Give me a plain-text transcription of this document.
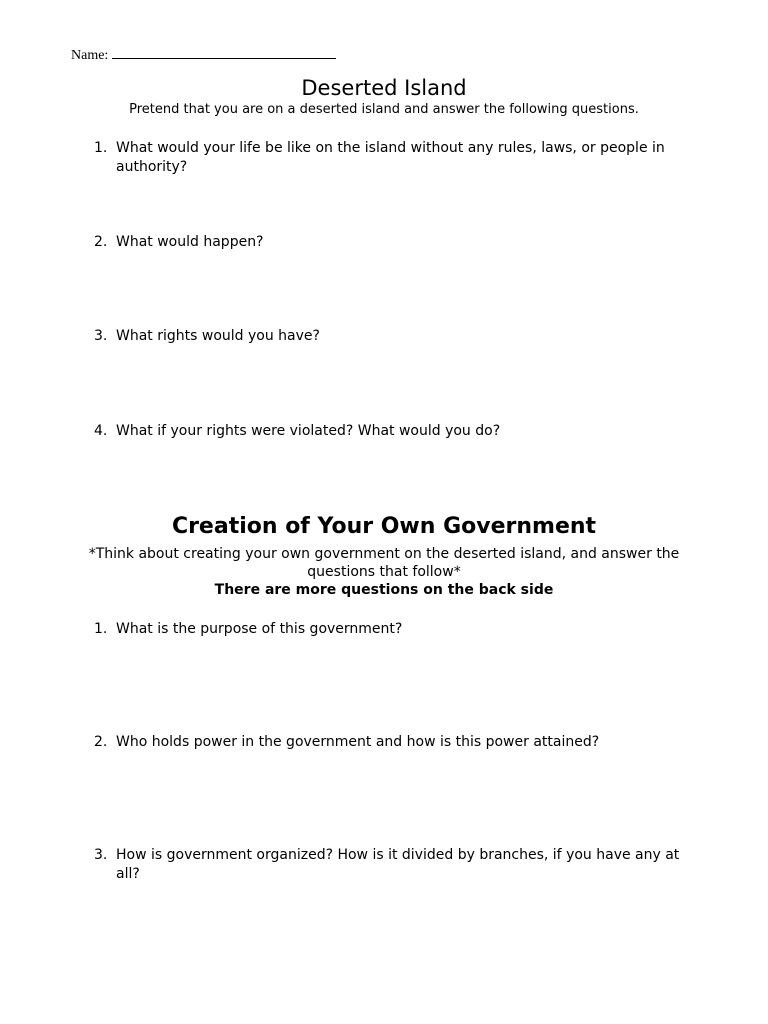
Name:
Deserted Island
Pretend that you are on a deserted island and answer the following questions.
1. What would your life be like on the island without any rules, laws, or people in authority?
2. What would happen?
3. What rights would you have?
4. What if your rights were violated? What would you do?
Creation of Your Own Government
*Think about creating your own government on the deserted island, and answer the questions that follow*
There are more questions on the back side
1. What is the purpose of this government?
2. Who holds power in the government and how is this power attained?
3. How is government organized? How is it divided by branches, if you have any at all?
